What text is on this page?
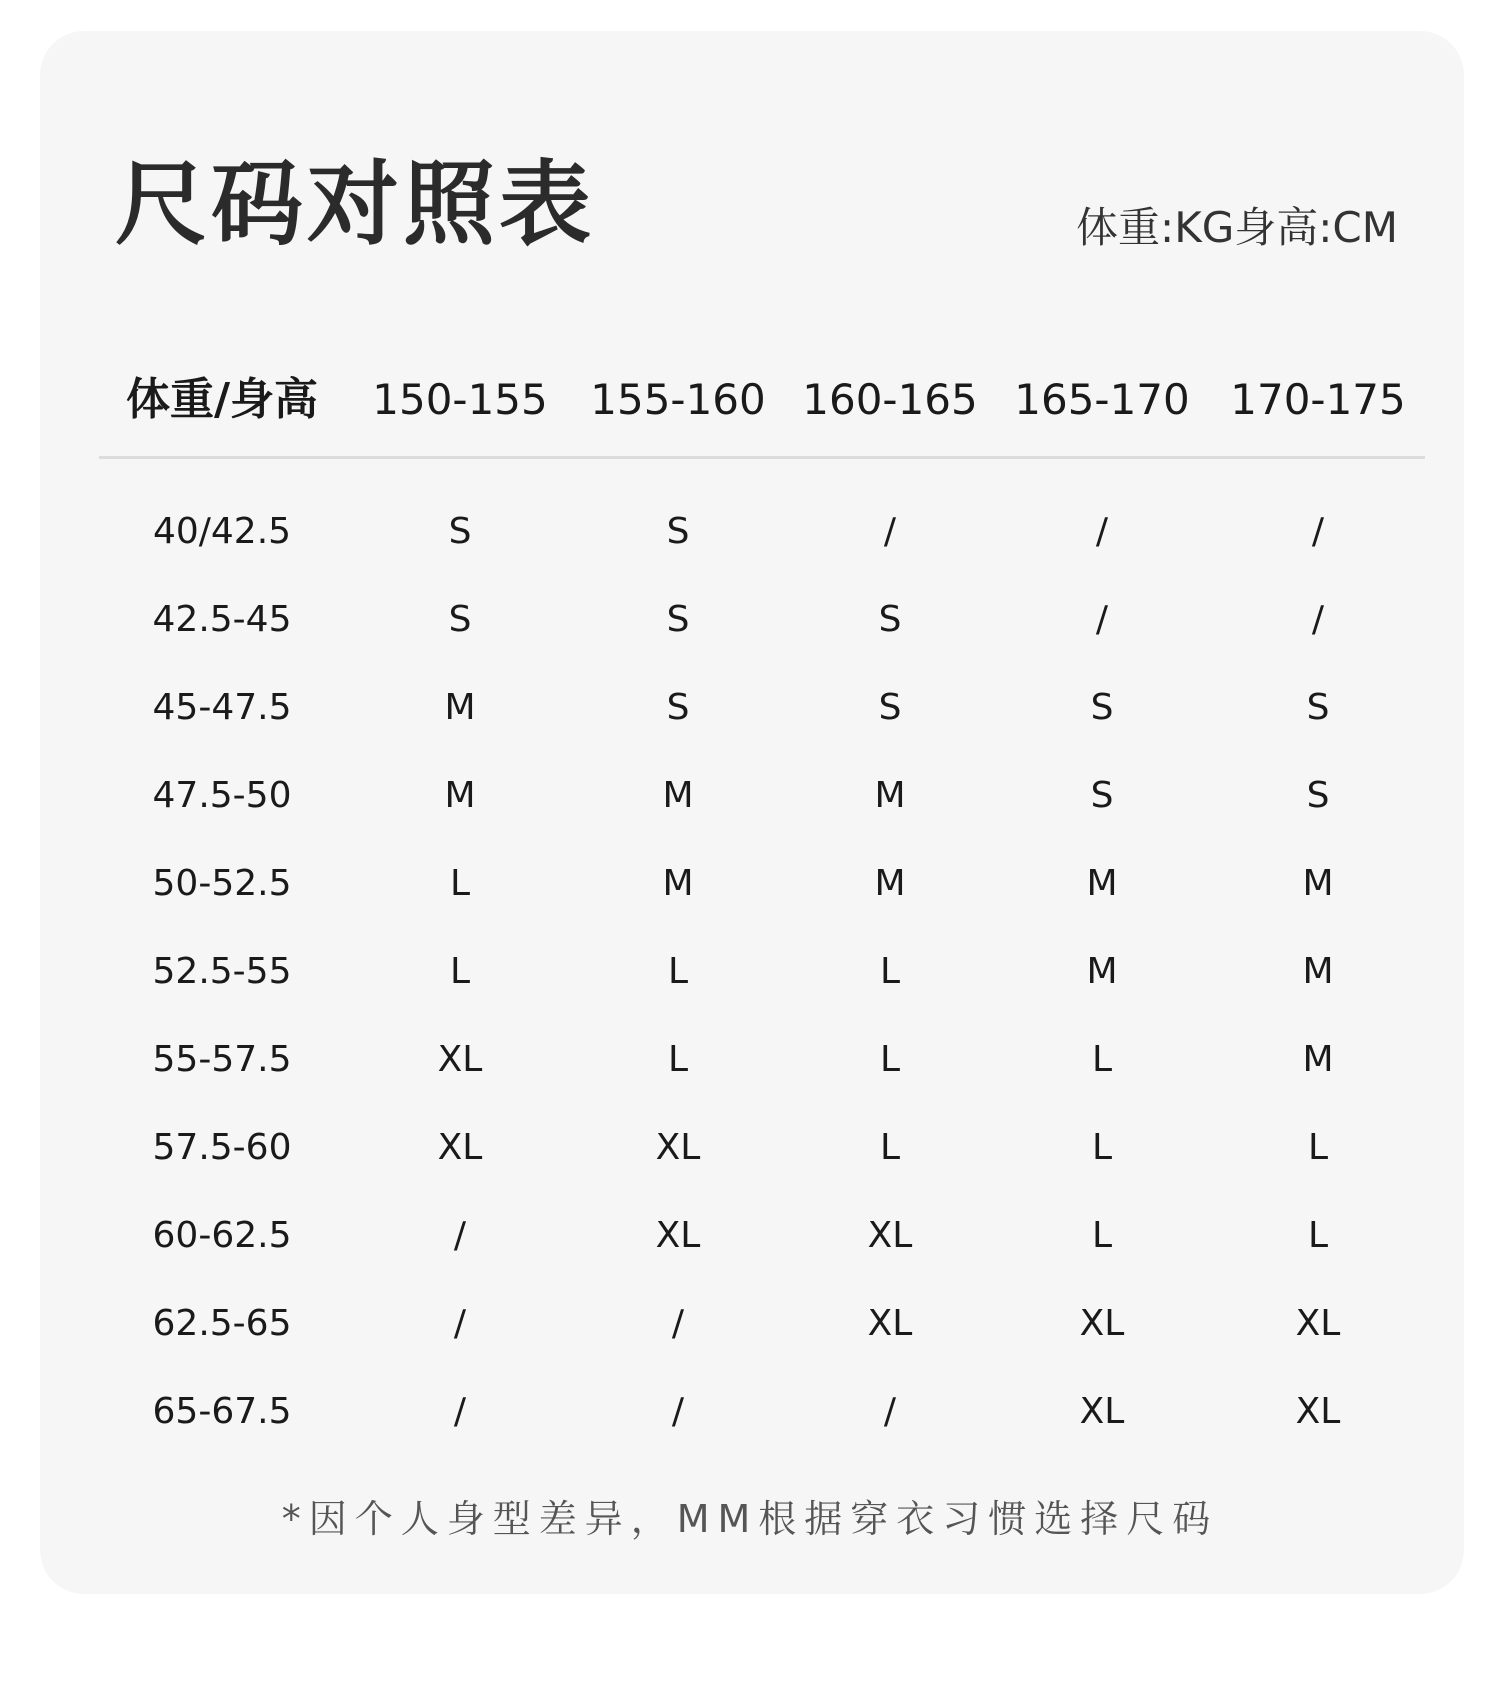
尺码对照表	体重:KG身高:CM
体重/身高	150-155 155-160 160-165 165-170 170-175
40/42.5	S	S	/	/	/
42.5-45	S	S	S	/	/
45-47.5	M	S	S	S	S
47.5-50	M	M	M	S	S
50-52.5	L	M	M	M	M
52.5-55	L	L	L	M	M
55-57.5	XL	L	L	L	M
57.5-60	XL	XL	L	L	L
60-62.5	/	XL	XL	L	L
62.5-65	/	/	XL	XL	XL
65-67.5	/	/	/	XL	XL
*因个人身型差异，MM根据穿衣习惯选择尺码
